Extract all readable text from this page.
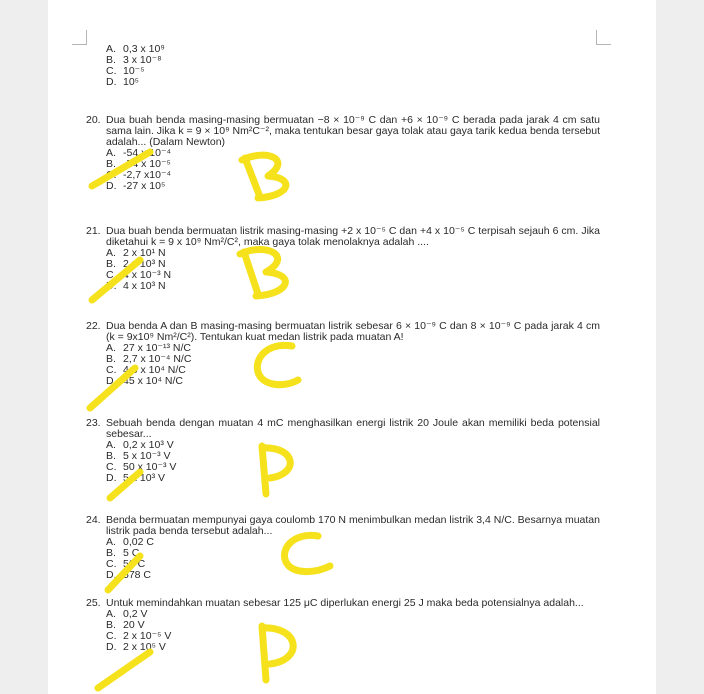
A. 0,3 x 10⁹
B. 3 x 10⁻⁸
C. 10⁻⁵
D. 10⁵
20. Dua buah benda masing-masing bermuatan −8 × 10⁻⁹ C dan +6 × 10⁻⁹ C berada pada jarak 4 cm satu sama lain. Jika k = 9 × 10⁹ Nm²C⁻², maka tentukan besar gaya tolak atau gaya tarik kedua benda tersebut adalah... (Dalam Newton)
A. -54 x 10⁻⁴
B. -54 x 10⁻⁵
C. -2,7 x10⁻⁴
D. -27 x 10⁵
21. Dua buah benda bermuatan listrik masing-masing +2 x 10⁻⁵ C dan +4 x 10⁻⁵ C terpisah sejauh 6 cm. Jika diketahui k = 9 x 10⁹ Nm²/C², maka gaya tolak menolaknya adalah ....
A. 2 x 10¹ N
B. 2 x 10³ N
C. 4 x 10⁻³ N
D. 4 x 10³ N
22. Dua benda A dan B masing-masing bermuatan listrik sebesar 6 × 10⁻⁹ C dan 8 × 10⁻⁹ C pada jarak 4 cm (k = 9x10⁹ Nm²/C²). Tentukan kuat medan listrik pada muatan A!
A. 27 x 10⁻¹³ N/C
B. 2,7 x 10⁻⁴ N/C
C. 4,5 x 10⁴ N/C
D. 45 x 10⁴ N/C
23. Sebuah benda dengan muatan 4 mC menghasilkan energi listrik 20 Joule akan memiliki beda potensial sebesar...
A. 0,2 x 10³ V
B. 5 x 10⁻³ V
C. 50 x 10⁻³ V
D. 5 x 10³ V
24. Benda bermuatan mempunyai gaya coulomb 170 N menimbulkan medan listrik 3,4 N/C. Besarnya muatan listrik pada benda tersebut adalah...
A. 0,02 C
B. 5 C
C. 50 C
D. 578 C
25. Untuk memindahkan muatan sebesar 125 μC diperlukan energi 25 J maka beda potensialnya adalah...
A. 0,2 V
B. 20 V
C. 2 x 10⁻⁵ V
D. 2 x 10⁵ V
